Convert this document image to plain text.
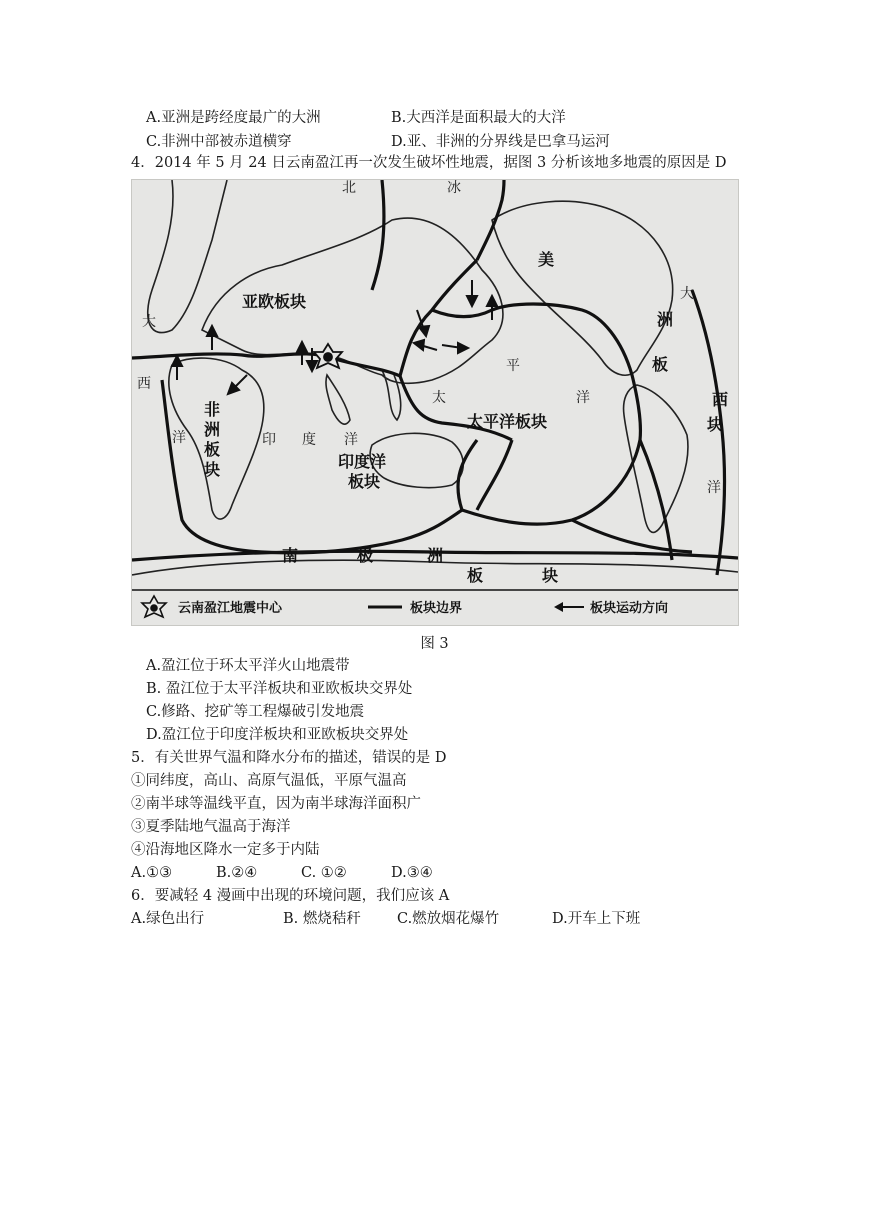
A.亚洲是跨经度最广的大洲	B.大西洋是面积最大的大洋
C.非洲中部被赤道横穿	D.亚、非洲的分界线是巴拿马运河
4．2014 年 5 月 24 日云南盈江再一次发生破坏性地震，据图 3 分析该地多地震的原因是 D
亚欧板块
太平洋板块
非
洲
板
块	印度洋
板块
美
洲
板
西
块
南	极	洲
板	块
大
西
洋
大
洋
印 度 洋
太
平
洋
北	冰
云南盈江地震中心	板块边界	板块运动方向
图 3
A.盈江位于环太平洋火山地震带
B. 盈江位于太平洋板块和亚欧板块交界处
C.修路、挖矿等工程爆破引发地震
D.盈江位于印度洋板块和亚欧板块交界处
5．有关世界气温和降水分布的描述，错误的是 D
①同纬度，高山、高原气温低，平原气温高
②南半球等温线平直，因为南半球海洋面积广
③夏季陆地气温高于海洋
④沿海地区降水一定多于内陆
A.①③	B.②④	C. ①②	D.③④
6．要减轻 4 漫画中出现的环境问题，我们应该 A
A.绿色出行	B. 燃烧秸秆 C.燃放烟花爆竹	D.开车上下班
